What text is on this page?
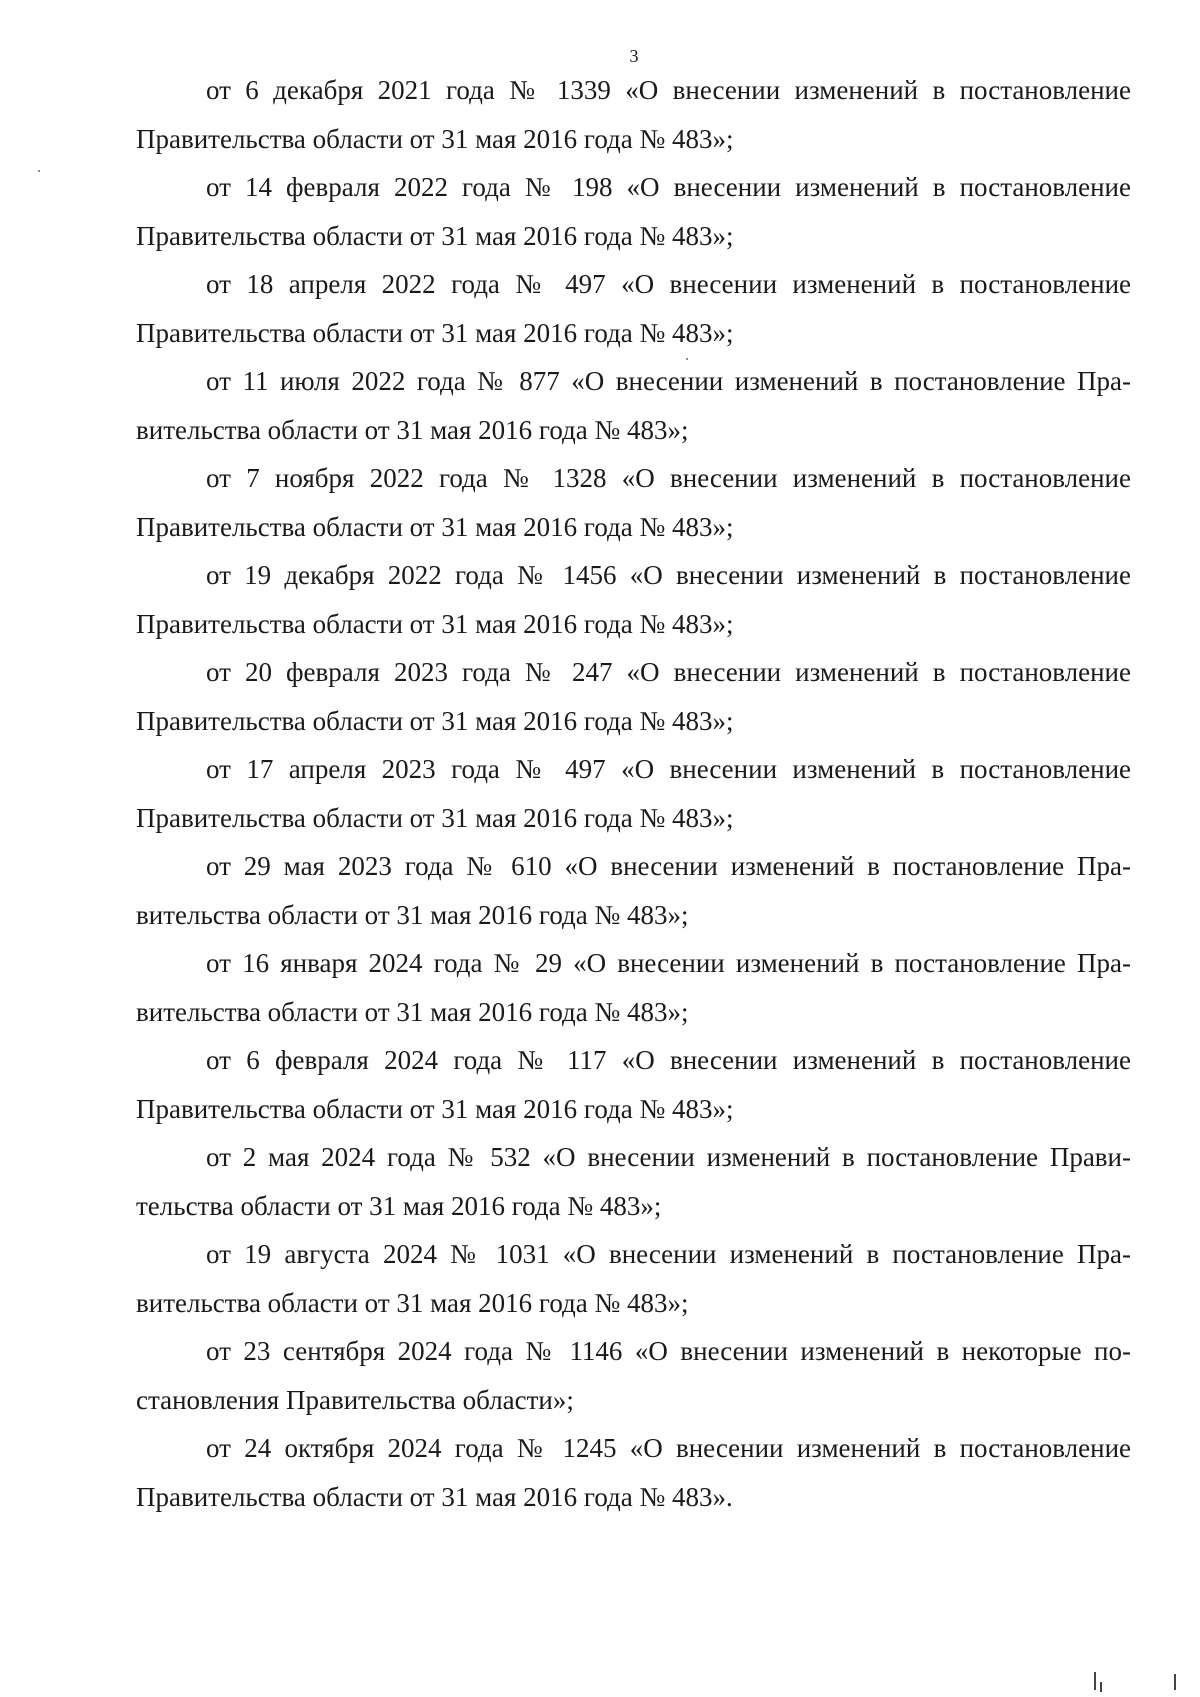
3
от 6 декабря 2021 года № 1339 «О внесении изменений в постановление
Правительства области от 31 мая 2016 года № 483»;
от 14 февраля 2022 года № 198 «О внесении изменений в постановление
Правительства области от 31 мая 2016 года № 483»;
от 18 апреля 2022 года № 497 «О внесении изменений в постановление
Правительства области от 31 мая 2016 года № 483»;
от 11 июля 2022 года № 877 «О внесении изменений в постановление Пра-
вительства области от 31 мая 2016 года № 483»;
от 7 ноября 2022 года № 1328 «О внесении изменений в постановление
Правительства области от 31 мая 2016 года № 483»;
от 19 декабря 2022 года № 1456 «О внесении изменений в постановление
Правительства области от 31 мая 2016 года № 483»;
от 20 февраля 2023 года № 247 «О внесении изменений в постановление
Правительства области от 31 мая 2016 года № 483»;
от 17 апреля 2023 года № 497 «О внесении изменений в постановление
Правительства области от 31 мая 2016 года № 483»;
от 29 мая 2023 года № 610 «О внесении изменений в постановление Пра-
вительства области от 31 мая 2016 года № 483»;
от 16 января 2024 года № 29 «О внесении изменений в постановление Пра-
вительства области от 31 мая 2016 года № 483»;
от 6 февраля 2024 года № 117 «О внесении изменений в постановление
Правительства области от 31 мая 2016 года № 483»;
от 2 мая 2024 года № 532 «О внесении изменений в постановление Прави-
тельства области от 31 мая 2016 года № 483»;
от 19 августа 2024 № 1031 «О внесении изменений в постановление Пра-
вительства области от 31 мая 2016 года № 483»;
от 23 сентября 2024 года № 1146 «О внесении изменений в некоторые по-
становления Правительства области»;
от 24 октября 2024 года № 1245 «О внесении изменений в постановление
Правительства области от 31 мая 2016 года № 483».
